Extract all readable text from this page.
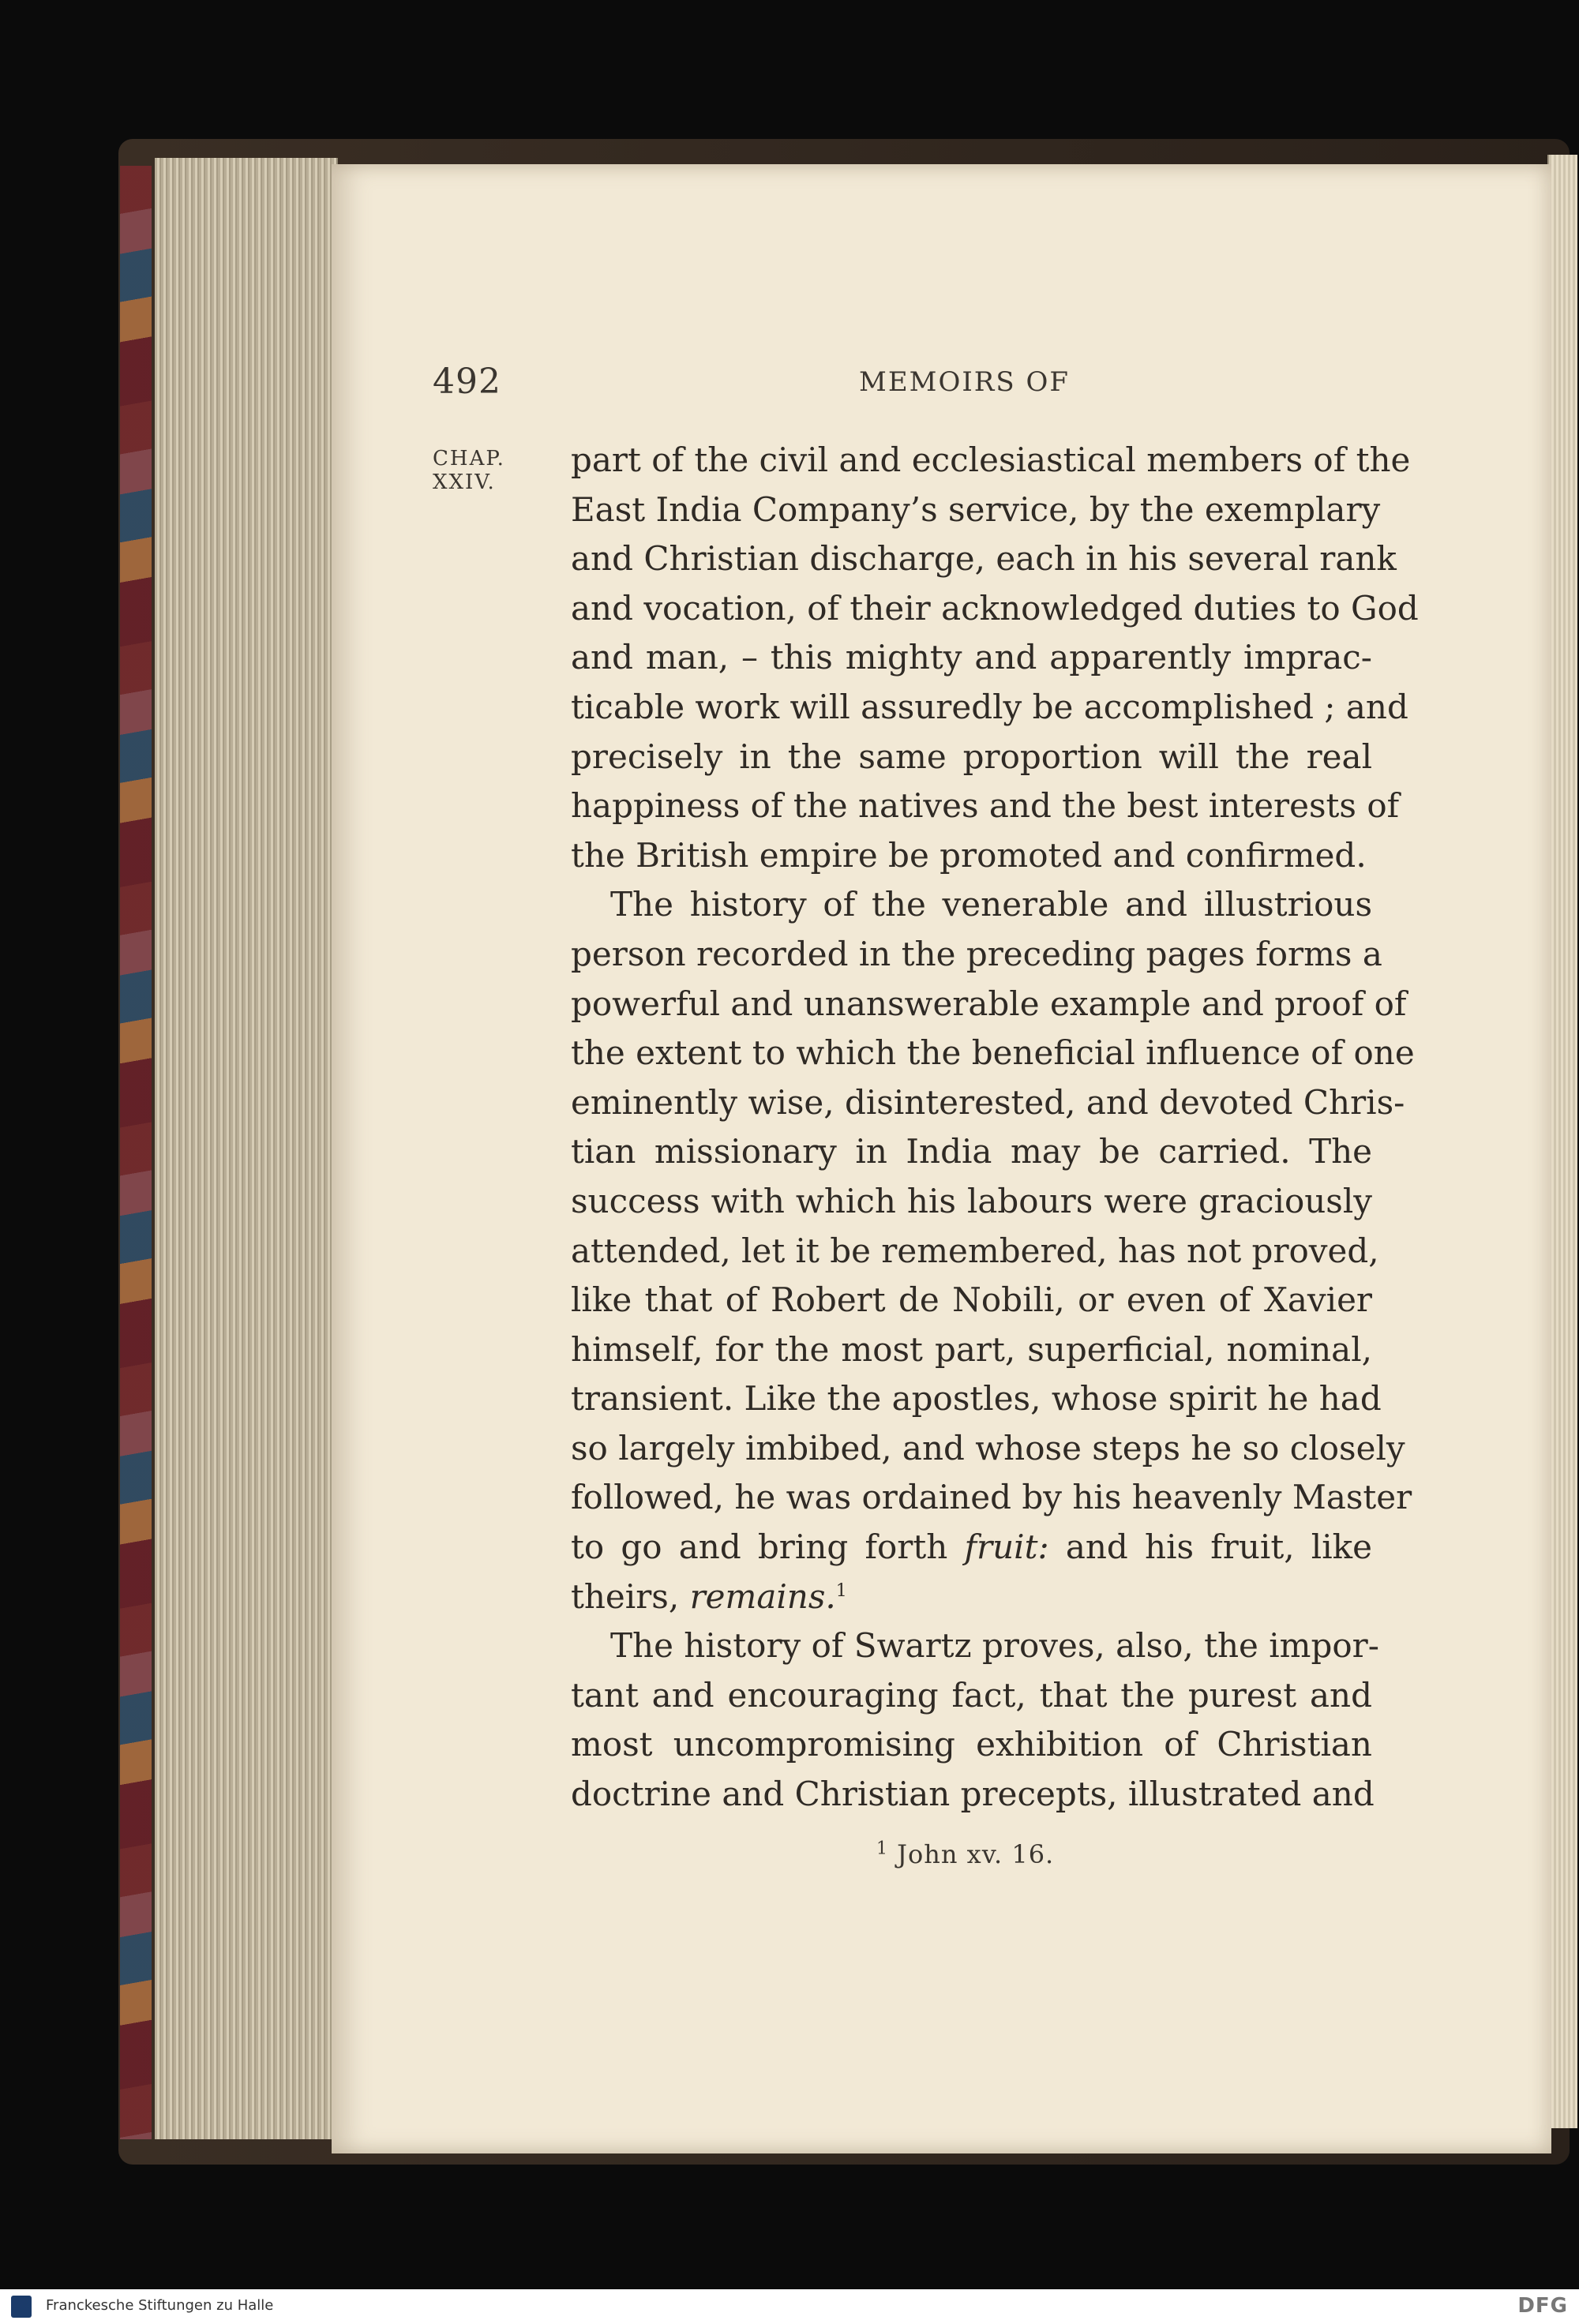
492	MEMOIRS OF
CHAP.
XXIV.
part of the civil and ecclesiastical members of the
East India Company’s service, by the exemplary
and Christian discharge, each in his several rank
and vocation, of their acknowledged duties to God
and man, – this mighty and apparently imprac-
ticable work will assuredly be accomplished ; and
precisely in the same proportion will the real
happiness of the natives and the best interests of
the British empire be promoted and confirmed.
The history of the venerable and illustrious
person recorded in the preceding pages forms a
powerful and unanswerable example and proof of
the extent to which the beneficial influence of one
eminently wise, disinterested, and devoted Chris-
tian missionary in India may be carried. The
success with which his labours were graciously
attended, let it be remembered, has not proved,
like that of Robert de Nobili, or even of Xavier
himself, for the most part, superficial, nominal,
transient. Like the apostles, whose spirit he had
so largely imbibed, and whose steps he so closely
followed, he was ordained by his heavenly Master
to go and bring forth fruit: and his fruit, like
theirs, remains.$^1$
The history of Swartz proves, also, the impor-
tant and encouraging fact, that the purest and
most uncompromising exhibition of Christian
doctrine and Christian precepts, illustrated and
$^1$ John xv. 16.
Franckesche Stiftungen zu Halle	DFG
